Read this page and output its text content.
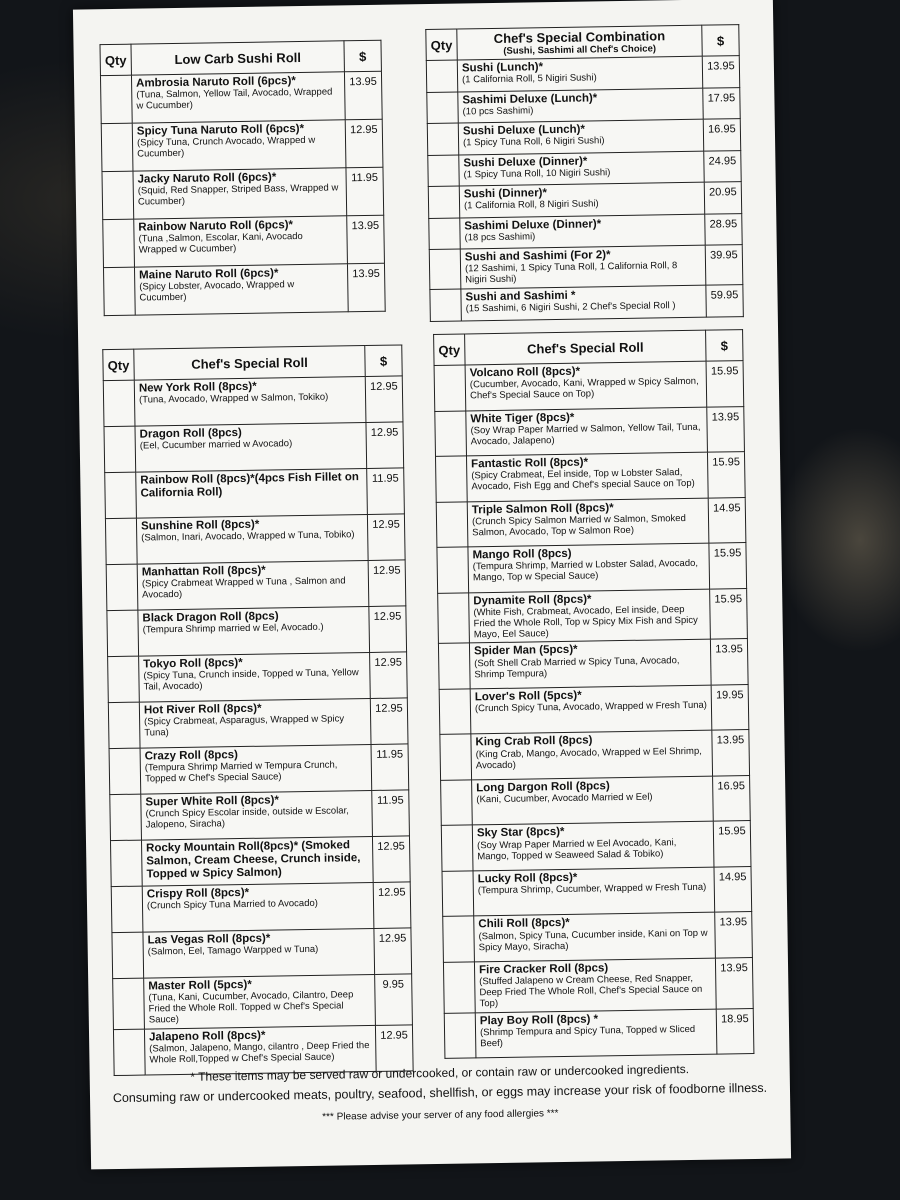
Qty	Low Carb Sushi Roll	$

	Ambrosia Naruto Roll (6pcs)*
(Tuna, Salmon, Yellow Tail, Avocado, Wrapped w Cucumber)	13.95

	Spicy Tuna Naruto Roll (6pcs)*
(Spicy Tuna, Crunch Avocado, Wrapped w Cucumber)	12.95

	Jacky Naruto Roll (6pcs)*
(Squid, Red Snapper, Striped Bass, Wrapped w Cucumber)	11.95

	Rainbow Naruto Roll (6pcs)*
(Tuna ,Salmon, Escolar, Kani, Avocado Wrapped w Cucumber)	13.95

	Maine Naruto Roll (6pcs)*
(Spicy Lobster, Avocado, Wrapped w Cucumber)	13.95
Qty	Chef's Special Combination
(Sushi, Sashimi all Chef's Choice)	$

	Sushi (Lunch)*
(1 California Roll, 5 Nigiri Sushi)	13.95

	Sashimi Deluxe (Lunch)*
(10 pcs Sashimi)	17.95

	Sushi Deluxe (Lunch)*
(1 Spicy Tuna Roll, 6 Nigiri Sushi)	16.95

	Sushi Deluxe (Dinner)*
(1 Spicy Tuna Roll, 10 Nigiri Sushi)	24.95

	Sushi (Dinner)*
(1 California Roll, 8 Nigiri Sushi)	20.95

	Sashimi Deluxe (Dinner)*
(18 pcs Sashimi)	28.95

	Sushi and Sashimi (For 2)*
(12 Sashimi, 1 Spicy Tuna Roll, 1 California Roll, 8 Nigiri Sushi)	39.95

	Sushi and Sashimi *
(15 Sashimi, 6 Nigiri Sushi, 2 Chef's Special Roll )	59.95
Qty	Chef's Special Roll	$

	New York Roll (8pcs)*
(Tuna, Avocado, Wrapped w Salmon, Tokiko)	12.95

	Dragon Roll (8pcs)
(Eel, Cucumber married w Avocado)	12.95

	Rainbow Roll (8pcs)*(4pcs Fish Fillet on California Roll)	11.95

	Sunshine Roll (8pcs)*
(Salmon, Inari, Avocado, Wrapped w Tuna, Tobiko)	12.95

	Manhattan Roll (8pcs)*
(Spicy Crabmeat Wrapped w Tuna , Salmon and Avocado)	12.95

	Black Dragon Roll (8pcs)
(Tempura Shrimp married w Eel, Avocado.)	12.95

	Tokyo Roll (8pcs)*
(Spicy Tuna, Crunch inside, Topped w Tuna, Yellow Tail, Avocado)	12.95

	Hot River Roll (8pcs)*
(Spicy Crabmeat, Asparagus, Wrapped w Spicy Tuna)	12.95

	Crazy Roll (8pcs)
(Tempura Shrimp Married w Tempura Crunch, Topped w Chef's Special Sauce)	11.95

	Super White Roll (8pcs)*
(Crunch Spicy Escolar inside, outside w Escolar, Jalopeno, Siracha)	11.95

	Rocky Mountain Roll(8pcs)* (Smoked Salmon, Cream Cheese, Crunch inside, Topped w Spicy Salmon)	12.95

	Crispy Roll (8pcs)*
(Crunch Spicy Tuna Married to Avocado)	12.95

	Las Vegas Roll (8pcs)*
(Salmon, Eel, Tamago Warpped w Tuna)	12.95

	Master Roll (5pcs)*
(Tuna, Kani, Cucumber, Avocado, Cilantro, Deep Fried the Whole Roll. Topped w Chef's Special Sauce)	9.95

	Jalapeno Roll (8pcs)*
(Salmon, Jalapeno, Mango, cilantro , Deep Fried the Whole Roll,Topped w Chef's Special Sauce)	12.95
Qty	Chef's Special Roll	$

	Volcano Roll (8pcs)*
(Cucumber, Avocado, Kani, Wrapped w Spicy Salmon, Chef's Special Sauce on Top)	15.95

	White Tiger (8pcs)*
(Soy Wrap Paper Married w Salmon, Yellow Tail, Tuna, Avocado, Jalapeno)	13.95

	Fantastic Roll (8pcs)*
(Spicy Crabmeat, Eel inside, Top w Lobster Salad, Avocado, Fish Egg and Chef's special Sauce on Top)	15.95

	Triple Salmon Roll (8pcs)*
(Crunch Spicy Salmon Married w Salmon, Smoked Salmon, Avocado, Top w Salmon Roe)	14.95

	Mango Roll (8pcs)
(Tempura Shrimp, Married w Lobster Salad, Avocado, Mango, Top w Special Sauce)	15.95

	Dynamite Roll (8pcs)*
(White Fish, Crabmeat, Avocado, Eel inside, Deep Fried the Whole Roll, Top w Spicy Mix Fish and Spicy Mayo, Eel Sauce)	15.95

	Spider Man (5pcs)*
(Soft Shell Crab Married w Spicy Tuna, Avocado, Shrimp Tempura)	13.95

	Lover's Roll (5pcs)*
(Crunch Spicy Tuna, Avocado, Wrapped w Fresh Tuna)	19.95

	King Crab Roll (8pcs)
(King Crab, Mango, Avocado, Wrapped w Eel Shrimp, Avocado)	13.95

	Long Dargon Roll (8pcs)
(Kani, Cucumber, Avocado Married w Eel)	16.95

	Sky Star (8pcs)*
(Soy Wrap Paper Married w Eel Avocado, Kani, Mango, Topped w Seaweed Salad & Tobiko)	15.95

	Lucky Roll (8pcs)*
(Tempura Shrimp, Cucumber, Wrapped w Fresh Tuna)	14.95

	Chili Roll (8pcs)*
(Salmon, Spicy Tuna, Cucumber inside, Kani on Top w Spicy Mayo, Siracha)	13.95

	Fire Cracker Roll (8pcs)
(Stuffed Jalapeno w Cream Cheese, Red Snapper, Deep Fried The Whole Roll, Chef's Special Sauce on Top)	13.95

	Play Boy Roll (8pcs) *
(Shrimp Tempura and Spicy Tuna, Topped w Sliced Beef)	18.95
* These items may be served raw or undercooked, or contain raw or undercooked ingredients.
Consuming raw or undercooked meats, poultry, seafood, shellfish, or eggs may increase your risk of foodborne illness.
*** Please advise your server of any food allergies ***
